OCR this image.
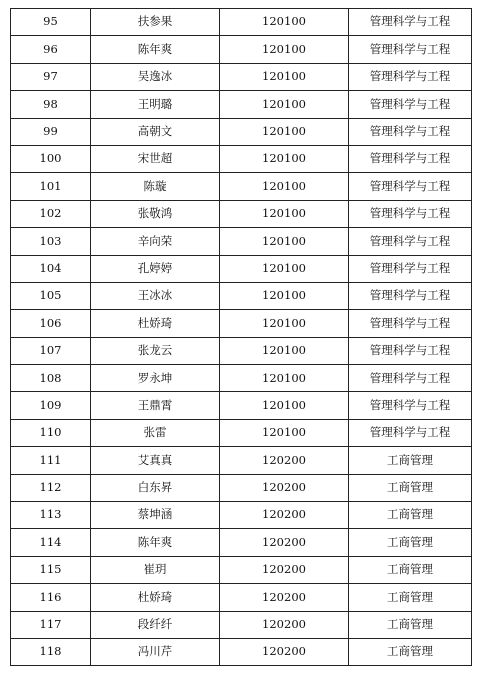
95	扶参果	120100	管理科学与工程
96	陈年爽	120100	管理科学与工程
97	吴逸冰	120100	管理科学与工程
98	王明璐	120100	管理科学与工程
99	高朝文	120100	管理科学与工程
100	宋世超	120100	管理科学与工程
101	陈璇	120100	管理科学与工程
102	张敬鸿	120100	管理科学与工程
103	辛向荣	120100	管理科学与工程
104	孔婷婷	120100	管理科学与工程
105	王冰冰	120100	管理科学与工程
106	杜娇琦	120100	管理科学与工程
107	张龙云	120100	管理科学与工程
108	罗永坤	120100	管理科学与工程
109	王鼎霄	120100	管理科学与工程
110	张雷	120100	管理科学与工程
111	艾真真	120200	工商管理
112	白东昇	120200	工商管理
113	蔡坤涵	120200	工商管理
114	陈年爽	120200	工商管理
115	崔玥	120200	工商管理
116	杜娇琦	120200	工商管理
117	段纤纤	120200	工商管理
118	冯川芹	120200	工商管理
